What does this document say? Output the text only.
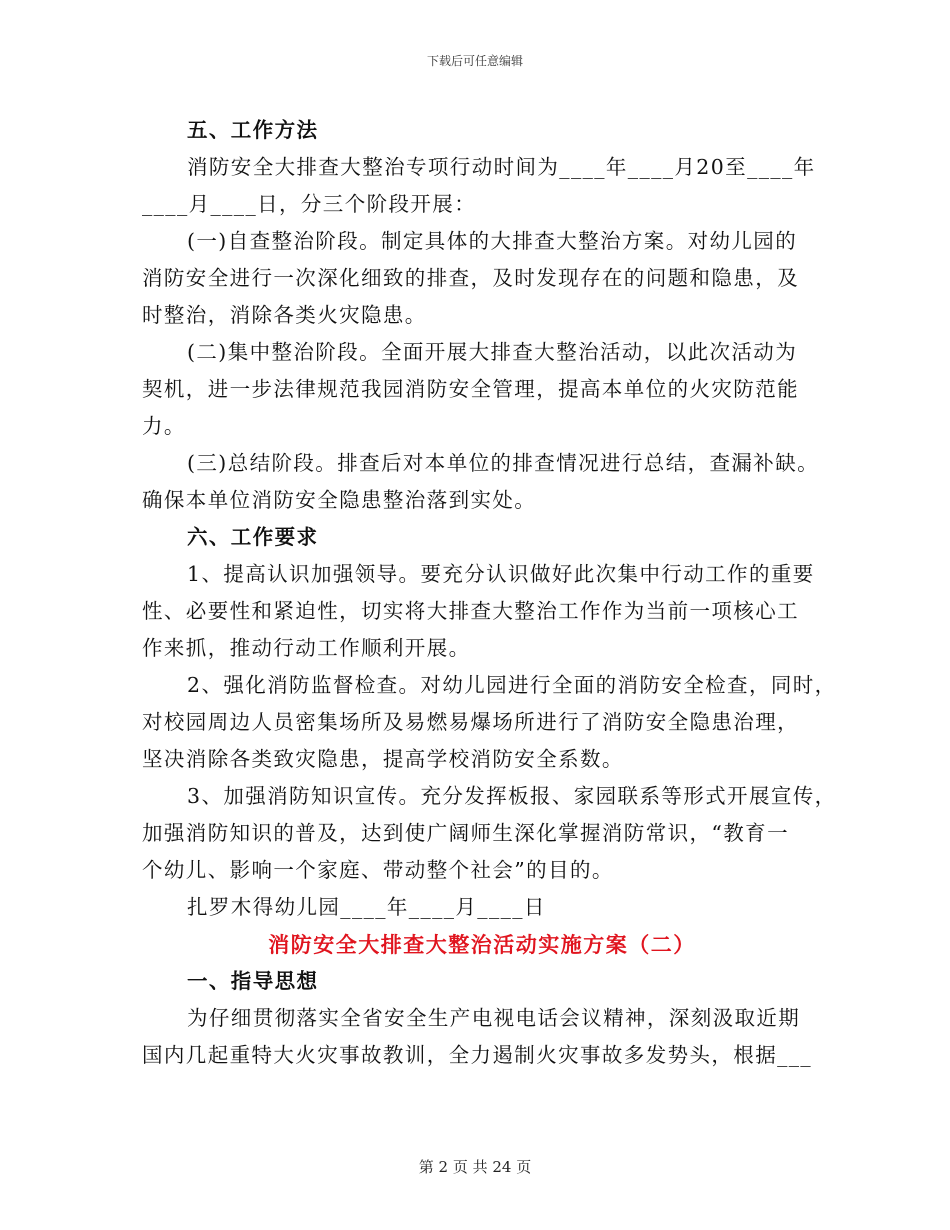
下载后可任意编辑
五、工作方法
消防安全大排查大整治专项行动时间为____年____月20至____年
____月____日，分三个阶段开展：
(一)自查整治阶段。制定具体的大排查大整治方案。对幼儿园的
消防安全进行一次深化细致的排查，及时发现存在的问题和隐患，及
时整治，消除各类火灾隐患。
(二)集中整治阶段。全面开展大排查大整治活动，以此次活动为
契机，进一步法律规范我园消防安全管理，提高本单位的火灾防范能
力。
(三)总结阶段。排查后对本单位的排查情况进行总结，查漏补缺。
确保本单位消防安全隐患整治落到实处。
六、工作要求
1、提高认识加强领导。要充分认识做好此次集中行动工作的重要
性、必要性和紧迫性，切实将大排查大整治工作作为当前一项核心工
作来抓，推动行动工作顺利开展。
2、强化消防监督检查。对幼儿园进行全面的消防安全检查，同时，
对校园周边人员密集场所及易燃易爆场所进行了消防安全隐患治理，
坚决消除各类致灾隐患，提高学校消防安全系数。
3、加强消防知识宣传。充分发挥板报、家园联系等形式开展宣传，
加强消防知识的普及，达到使广阔师生深化掌握消防常识，“教育一
个幼儿、影响一个家庭、带动整个社会”的目的。
扎罗木得幼儿园____年____月____日
消防安全大排查大整治活动实施方案（二）
一、指导思想
为仔细贯彻落实全省安全生产电视电话会议精神，深刻汲取近期
国内几起重特大火灾事故教训，全力遏制火灾事故多发势头，根据___
第 2 页 共 24 页
